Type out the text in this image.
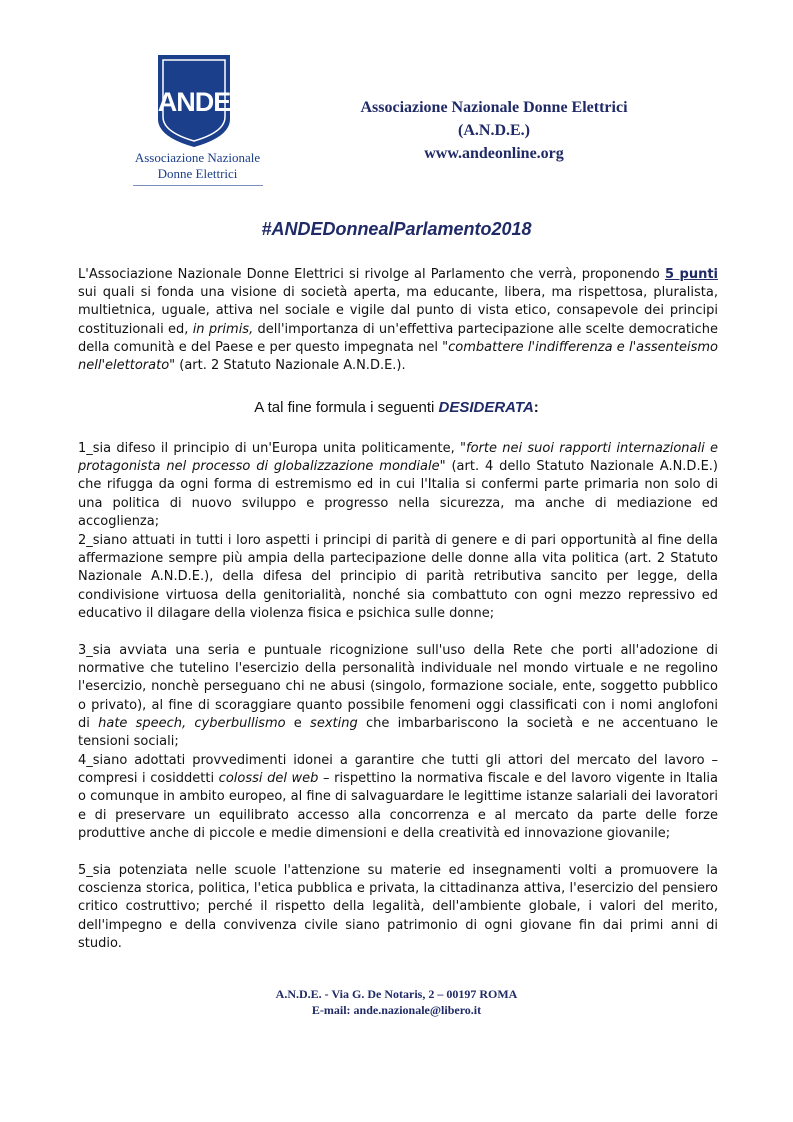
ANDE
Associazione Nazionale
Donne Elettrici
Associazione Nazionale Donne Elettrici
(A.N.D.E.)
www.andeonline.org
#ANDEDonnealParlamento2018
L'Associazione Nazionale Donne Elettrici si rivolge al Parlamento che verrà, proponendo 5 punti sui quali si fonda una visione di società aperta, ma educante, libera, ma rispettosa, pluralista, multietnica, uguale, attiva nel sociale e vigile dal punto di vista etico, consapevole dei principi costituzionali ed, in primis, dell'importanza di un'effettiva partecipazione alle scelte democratiche della comunità e del Paese e per questo impegnata nel "combattere l'indifferenza e l'assenteismo nell'elettorato" (art. 2 Statuto Nazionale A.N.D.E.).
A tal fine formula i seguenti DESIDERATA:
1_sia difeso il principio di un'Europa unita politicamente, "forte nei suoi rapporti internazionali e protagonista nel processo di globalizzazione mondiale" (art. 4 dello Statuto Nazionale A.N.D.E.) che rifugga da ogni forma di estremismo ed in cui l'Italia si confermi parte primaria non solo di una politica di nuovo sviluppo e progresso nella sicurezza, ma anche di mediazione ed accoglienza;
2_siano attuati in tutti i loro aspetti i principi di parità di genere e di pari opportunità al fine della affermazione sempre più ampia della partecipazione delle donne alla vita politica (art. 2 Statuto Nazionale A.N.D.E.), della difesa del principio di parità retributiva sancito per legge, della condivisione virtuosa della genitorialità, nonché sia combattuto con ogni mezzo repressivo ed educativo il dilagare della violenza fisica e psichica sulle donne;
3_sia avviata una seria e puntuale ricognizione sull'uso della Rete che porti all'adozione di normative che tutelino l'esercizio della personalità individuale nel mondo virtuale e ne regolino l'esercizio, nonchè perseguano chi ne abusi (singolo, formazione sociale, ente, soggetto pubblico o privato), al fine di scoraggiare quanto possibile fenomeni oggi classificati con i nomi anglofoni di hate speech, cyberbullismo e sexting che imbarbariscono la società e ne accentuano le tensioni sociali;
4_siano adottati provvedimenti idonei a garantire che tutti gli attori del mercato del lavoro – compresi i cosiddetti colossi del web – rispettino la normativa fiscale e del lavoro vigente in Italia o comunque in ambito europeo, al fine di salvaguardare le legittime istanze salariali dei lavoratori e di preservare un equilibrato accesso alla concorrenza e al mercato da parte delle forze produttive anche di piccole e medie dimensioni e della creatività ed innovazione giovanile;
5_sia potenziata nelle scuole l'attenzione su materie ed insegnamenti volti a promuovere la coscienza storica, politica, l'etica pubblica e privata, la cittadinanza attiva, l'esercizio del pensiero critico costruttivo; perché il rispetto della legalità, dell'ambiente globale, i valori del merito, dell'impegno e della convivenza civile siano patrimonio di ogni giovane fin dai primi anni di studio.
A.N.D.E. - Via G. De Notaris, 2 – 00197 ROMA
E-mail: ande.nazionale@libero.it
